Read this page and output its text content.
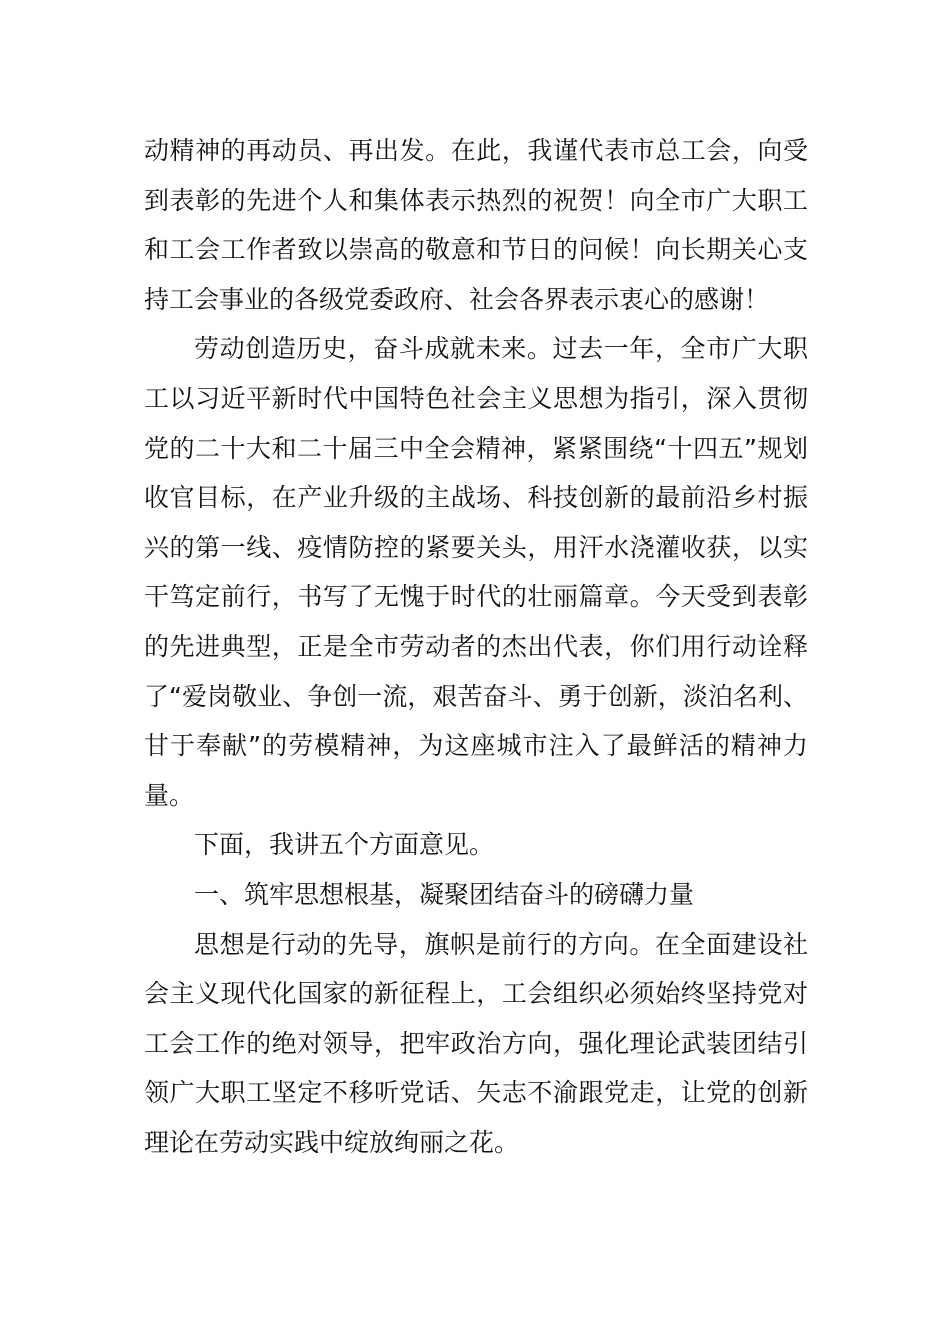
动精神的再动员、再出发。在此，我谨代表市总工会，向受到表彰的先进个人和集体表示热烈的祝贺！向全市广大职工和工会工作者致以崇高的敬意和节日的问候！向长期关心支持工会事业的各级党委政府、社会各界表示衷心的感谢！

劳动创造历史，奋斗成就未来。过去一年，全市广大职工以习近平新时代中国特色社会主义思想为指引，深入贯彻党的二十大和二十届三中全会精神，紧紧围绕“十四五”规划收官目标，在产业升级的主战场、科技创新的最前沿乡村振兴的第一线、疫情防控的紧要关头，用汗水浇灌收获，以实干笃定前行，书写了无愧于时代的壮丽篇章。今天受到表彰的先进典型，正是全市劳动者的杰出代表，你们用行动诠释了“爱岗敬业、争创一流，艰苦奋斗、勇于创新，淡泊名利、甘于奉献”的劳模精神，为这座城市注入了最鲜活的精神力量。

下面，我讲五个方面意见。

一、筑牢思想根基，凝聚团结奋斗的磅礴力量

思想是行动的先导，旗帜是前行的方向。在全面建设社会主义现代化国家的新征程上，工会组织必须始终坚持党对工会工作的绝对领导，把牢政治方向，强化理论武装团结引领广大职工坚定不移听党话、矢志不渝跟党走，让党的创新理论在劳动实践中绽放绚丽之花。
